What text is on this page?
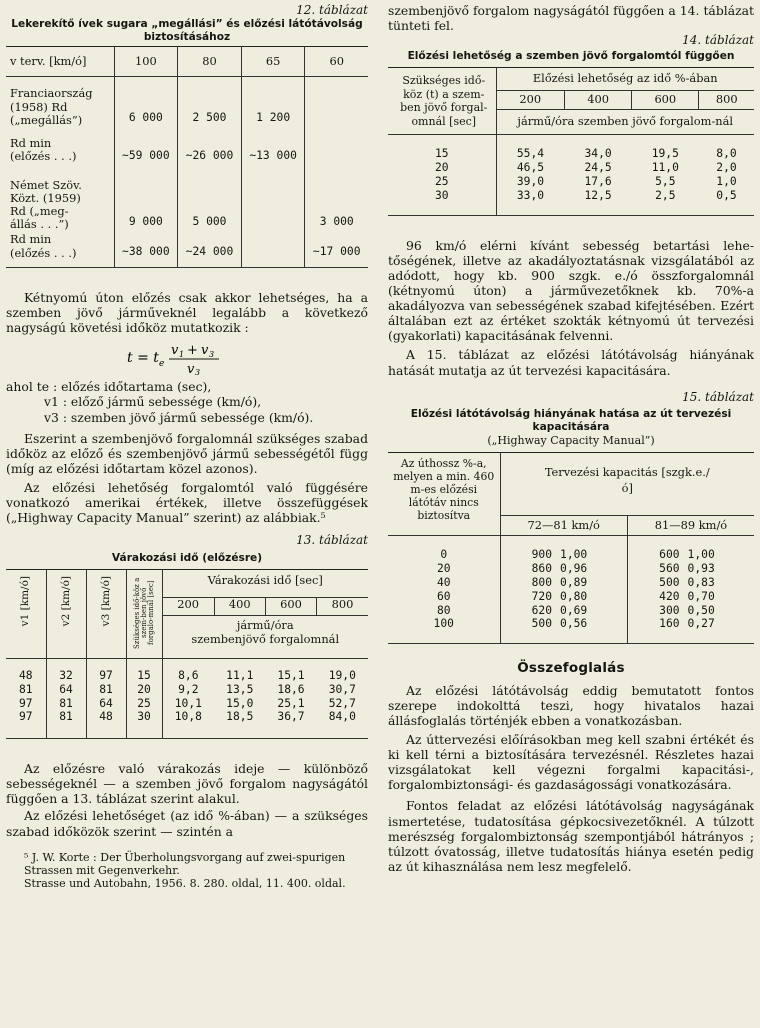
12. táblázat
Lekerekítő ívek sugara „megállási” és előzési látótávolság
biztosításához
v terv. [km/ó]	100	80	65	60
Franciaország
(1958) Rd
(„megállás”)	6 000	2 500	1 200	
Rd min
(előzés . . .)	~59 000	~26 000	~13 000	
Német Szöv.
Közt. (1959)
Rd („meg-
állás . . .”)	9 000	5 000		3 000
Rd min
(előzés . . .)	~38 000	~24 000		~17 000

Kétnyomú úton előzés csak akkor lehetséges, ha a szemben jövő járműveknél legalább a következő nagyságú követési időköz mutatkozik :

t = t e
v 1 + v 3
v 3
ahol te : előzés időtartama (sec),
v1 : előző jármű sebessége (km/ó),
v3 : szemben jövő jármű sebessége (km/ó).

Eszerint a szembenjövő forgalomnál szükséges szabad időköz az előző és szembenjövő jármű sebességétől függ (míg az előzési időtartam közel azonos).

Az előzési lehetőség forgalomtól való függésére vonatkozó amerikai értékek, illetve összefüggések („Highway Capacity Manual” szerint) az alábbiak.⁵

13. táblázat
Várakozási idő (előzésre)
v1 [km/ó]	v2 [km/ó]	v3 [km/ó]	Szükséges idő-köz a szem-ben jövő forgalo-mnál [sec]	Várakozási idő [sec]			
				200	400	600	800
				jármű/óra
szembenjövő forgalomnál			
48	32	97	15	8,6	11,1	15,1	19,0
81	64	81	20	9,2	13,5	18,6	30,7
97	81	64	25	10,1	15,0	25,1	52,7
97	81	48	30	10,8	18,5	36,7	84,0

Az előzésre való várakozás ideje — különböző sebességeknél — a szemben jövő forgalom nagyságától függően a 13. táblázat szerint alakul.

Az előzési lehetőséget (az idő %-ában) — a szükséges szabad időközök szerint — szintén a

⁵ J. W. Korte : Der Überholungsvorgang auf zwei-spurigen Strassen mit Gegenverkehr.
Strasse und Autobahn, 1956. 8. 280. oldal, 11. 400. oldal.

szembenjövő forgalom nagyságától függően a 14. táblázat tünteti fel.

14. táblázat
Előzési lehetőség a szemben jövő forgalomtól függően
Szükséges idő-köz (t) a szem-ben jövő forgal-omnál [sec]	Előzési lehetőség az idő %-ában			
	200	400	600	800
	jármű/óra szemben jövő forgalom-nál			
15	55,4	34,0	19,5	8,0
20	46,5	24,5	11,0	2,0
25	39,0	17,6	5,5	1,0
30	33,0	12,5	2,5	0,5

96 km/ó elérni kívánt sebesség betartási lehetőségének, illetve az akadályoztatásnak vizsgálatából az adódott, hogy kb. 900 szgk. e./ó összforgalomnál (kétnyomú úton) a járművezetőknek kb. 70%-a akadályozva van sebességének szabad kifejtésében. Ezért általában ezt az értéket szokták kétnyomú út tervezési (gyakorlati) kapacitásának felvenni.

A 15. táblázat az előzési látótávolság hiányának hatását mutatja az út tervezési kapacitására.

15. táblázat
Előzési látótávolság hiányának hatása az út tervezési
kapacitására
(„Highway Capacity Manual”)
Az úthossz %-a, melyen a min. 460 m-es előzési látótáv nincs biztosítva	Tervezési kapacitás [szgk.e./ó]			
	72—81 km/ó		81—89 km/ó	
0	900	1,00	600	1,00
20	860	0,96	560	0,93
40	800	0,89	500	0,83
60	720	0,80	420	0,70
80	620	0,69	300	0,50
100	500	0,56	160	0,27
Összefoglalás

Az előzési látótávolság eddig bemutatott fontos szerepe indokolttá teszi, hogy hivatalos hazai állásfoglalás történjék ebben a vonatkozásban.

Az úttervezési előírásokban meg kell szabni értékét és ki kell térni a biztosítására tervezésnél. Részletes hazai vizsgálatokat kell végezni forgalmi kapacitási-, forgalombiztonsági- és gazdaságossági vonatkozására.

Fontos feladat az előzési látótávolság nagyságának ismertetése, tudatosítása gépkocsivezetőknél. A túlzott merészség forgalombiztonság szempontjából hátrányos ; túlzott óvatosság, illetve tudatosítás hiánya esetén pedig az út kihasználása nem lesz megfelelő.
